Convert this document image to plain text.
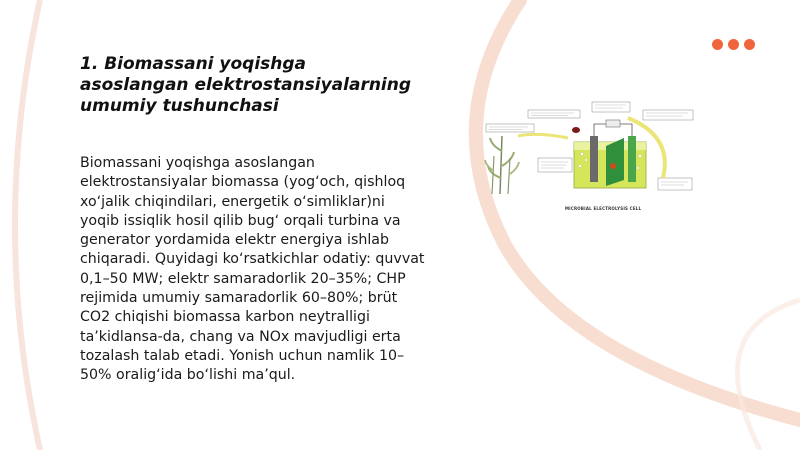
1. Biomassani yoqishga asoslangan elektrostansiyalarning umumiy tushunchasi

Biomassani yoqishga asoslangan elektrostansiyalar biomassa (yog‘och, qishloq xo‘jalik chiqindilari, energetik o‘simliklar)ni yoqib issiqlik hosil qilib bug‘ orqali turbina va generator yordamida elektr energiya ishlab chiqaradi. Quyidagi ko‘rsatkichlar odatiy: quvvat 0,1–50 MW; elektr samaradorlik 20–35%; CHP rejimida umumiy samaradorlik 60–80%; brüt CO2 chiqishi biomassa karbon neytralligi ta’kidlansa-da, chang va NOx mavjudligi erta tozalash talab etadi. Yonish uchun namlik 10–50% oralig‘ida bo‘lishi ma’qul.

MICROBIAL ELECTROLYSIS CELL
